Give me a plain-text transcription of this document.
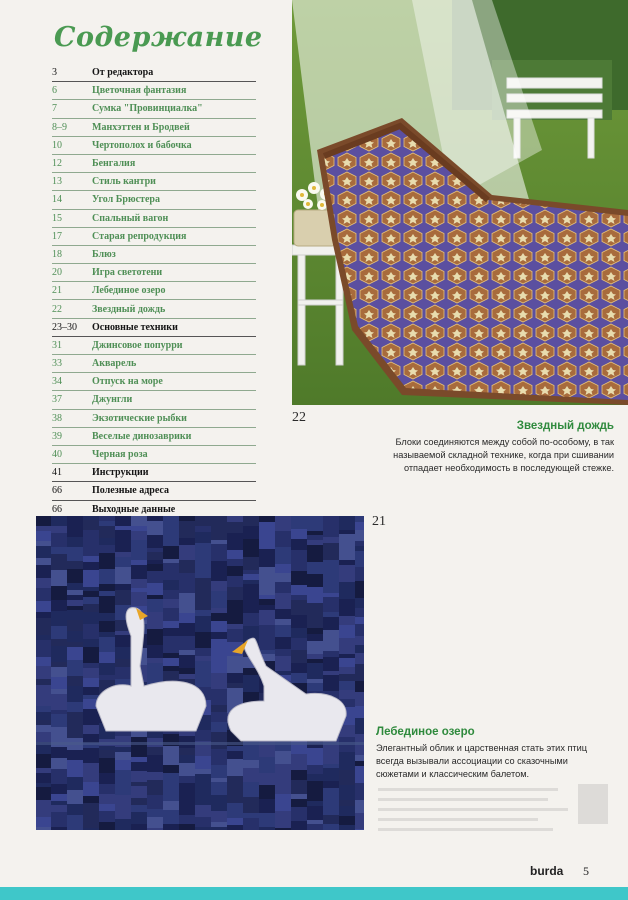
Содержание
3	От редактора
6	Цветочная фантазия
7	Сумка "Провинциалка"
8–9	Манхэттен и Бродвей
10	Чертополох и бабочка
12	Бенгалия
13	Стиль кантри
14	Угол Брюстера
15	Спальный вагон
17	Старая репродукция
18	Блюз
20	Игра светотени
21	Лебединое озеро
22	Звездный дождь
23–30	Основные техники
31	Джинсовое попурри
33	Акварель
34	Отпуск на море
37	Джунгли
38	Экзотические рыбки
39	Веселые динозаврики
40	Черная роза
41	Инструкции
66	Полезные адреса
66	Выходные данные
22
Звездный дождь
Блоки соединяются между собой по-особому, в так
называемой складной технике, когда при сшивании
отпадает необходимость в последующей стежке.
21
Лебединое озеро
Элегантный облик и царственная стать этих птиц
всегда вызывали ассоциации со сказочными
сюжетами и классическим балетом.
burda 5
